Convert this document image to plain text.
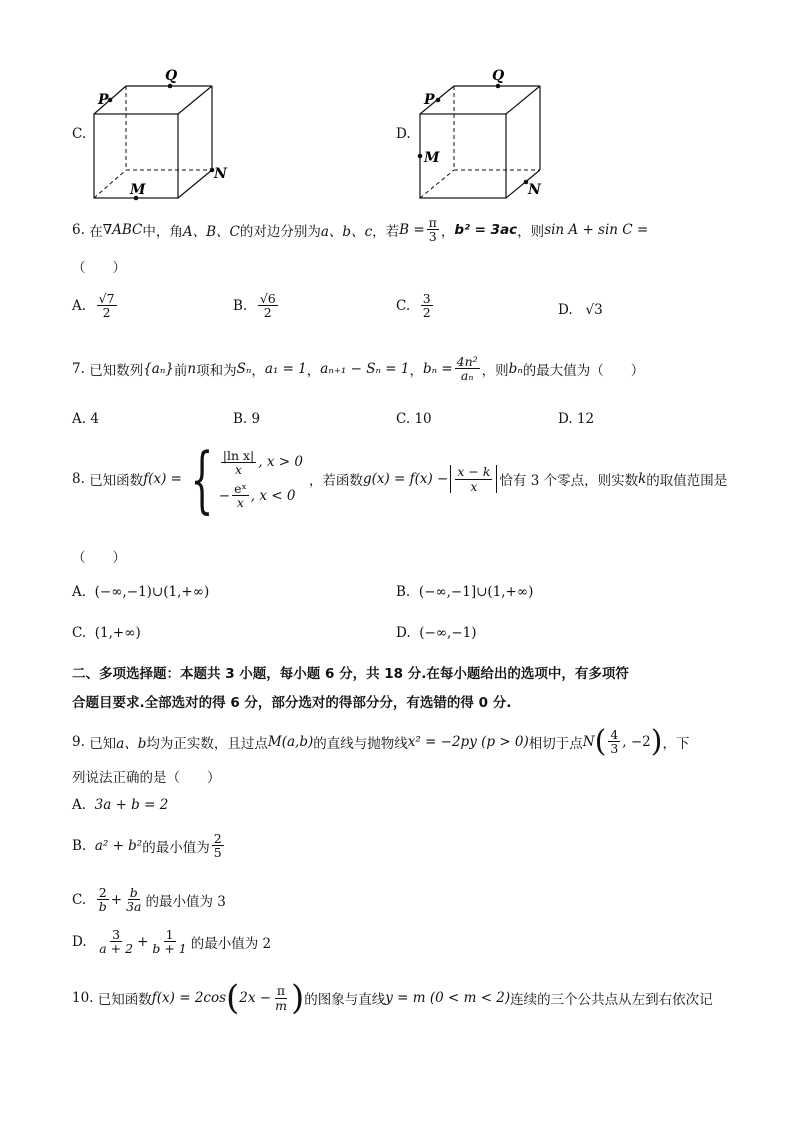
C.
Q
P
N
M
D.
Q
P
M
N
6.
在 ∇ ABC 中，角 A、B、C 的对边分别为 a、b、c ，若 $B = \frac{\pi}{3}$ ， b² = 3ac ，则 sin A + sin C =
（　　）
A.
$\frac{√7}{2}$	B.
$\frac{√6}{2}$	C.
$\frac{3}{2}$	D. √3
7.
已知数列 {aₙ} 前 n 项和为 Sₙ ， a₁ = 1 ， aₙ₊₁ − Sₙ = 1 ， $b_n = \frac{\text{4n²}}{\text{aₙ}}$ ，则 bₙ 的最大值为（　　）
A. 4	B. 9	C. 10	D. 12
8.
已知函数 f(x) = { $\frac{\text{|ln x|}}{x}$ , x > 0
− $\frac{\text{eˣ}}{x}$ , x < 0
，若函数 $g(x) = f(x) - \frac{x - k}{x}$ 恰有 3 个零点，则实数 k 的取值范围是
（　　）
A. (−∞,−1)∪(1,+∞)	B. (−∞,−1]∪(1,+∞)
C. (1,+∞)	D. (−∞,−1)
二、多项选择题：本题共 3 小题，每小题 6 分，共 18 分.在每小题给出的选项中，有多项符
合题目要求.全部选对的得 6 分，部分选对的得部分分，有选错的得 0 分.
9.
已知 a、b 均为正实数，且过点 M(a,b) 的直线与抛物线 x² = −2py (p > 0) 相切于点 N ( $\frac{4}{3}$ , −2 ) ，下
列说法正确的是（　　）
A. 3a + b = 2
B.
a² + b² 的最小值为 $\frac{2}{5}$
C.
$\frac{2}{b} + \frac{b}{3a}$ 的最小值为 3
D.
$\frac{3}{a + 2} + \frac{1}{b + 1}$ 的最小值为 2
10.
已知函数 f(x) = 2cos ( $2x - \frac{\pi}{m}$ ) 的图象与直线 y = m (0 < m < 2) 连续的三个公共点从左到右依次记
